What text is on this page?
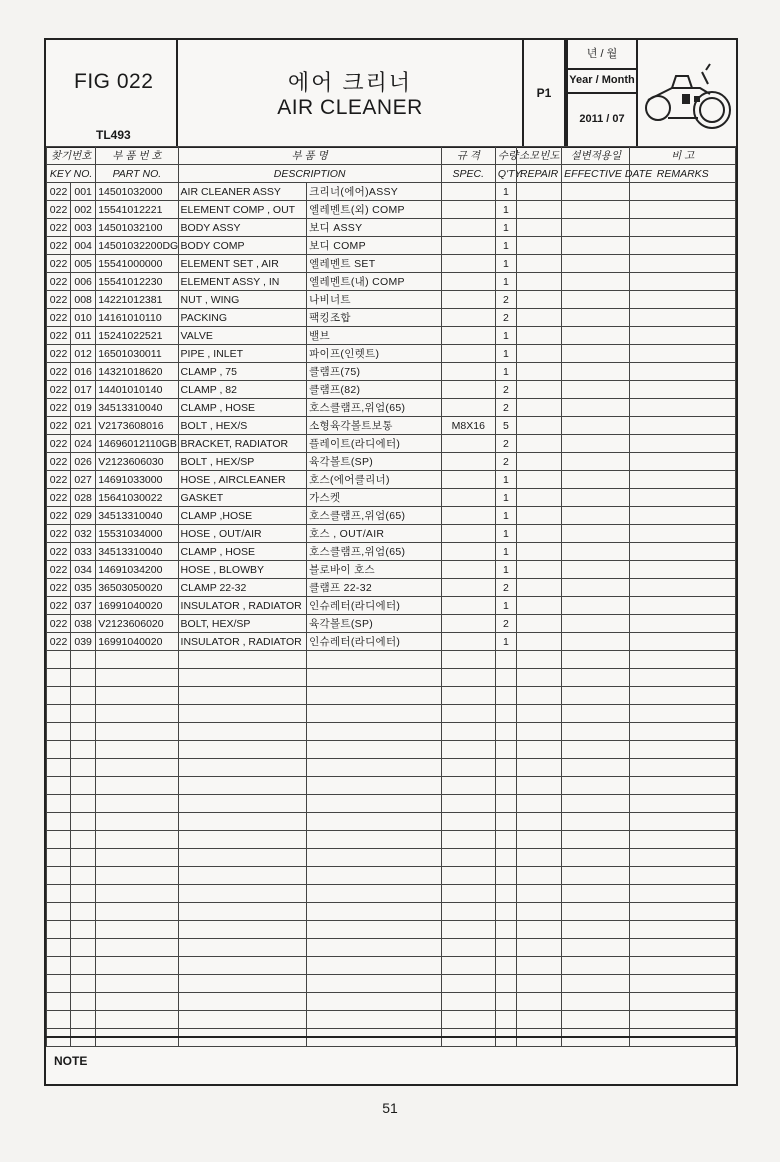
FIG 022
TL493
에어 크리너
AIR CLEANER
P1
년 / 월
Year / Month
2011 / 07
찾기번호		부 품 번 호	부 품 명		규 격	수량	소모빈도	설변적용일	비 고
KEY NO.		PART NO.	DESCRIPTION		SPEC.	Q'TY.	REPAIR	EFFECTIVE DATE	REMARKS
022	001	14501032000	AIR CLEANER ASSY	크리너(에어)ASSY		1			
022	002	15541012221	ELEMENT COMP , OUT	엘레멘트(외) COMP		1			
022	003	14501032100	BODY ASSY	보디 ASSY		1			
022	004	14501032200DG	BODY COMP	보디 COMP		1			
022	005	15541000000	ELEMENT SET , AIR	엘레멘트 SET		1			
022	006	15541012230	ELEMENT ASSY , IN	엘레멘트(내) COMP		1			
022	008	14221012381	NUT , WING	나비너트		2			
022	010	14161010110	PACKING	팩킹조합		2			
022	011	15241022521	VALVE	밸브		1			
022	012	16501030011	PIPE , INLET	파이프(인렛트)		1			
022	016	14321018620	CLAMP , 75	클램프(75)		1			
022	017	14401010140	CLAMP , 82	클램프(82)		2			
022	019	34513310040	CLAMP , HOSE	호스클램프,위엄(65)		2			
022	021	V2173608016	BOLT , HEX/S	소형육각볼트보통	M8X16	5			
022	024	14696012110GB	BRACKET, RADIATOR	플레이트(라디에터)		2			
022	026	V2123606030	BOLT , HEX/SP	육각볼트(SP)		2			
022	027	14691033000	HOSE , AIRCLEANER	호스(에어클리너)		1			
022	028	15641030022	GASKET	가스켓		1			
022	029	34513310040	CLAMP ,HOSE	호스클램프,위엄(65)		1			
022	032	15531034000	HOSE , OUT/AIR	호스 , OUT/AIR		1			
022	033	34513310040	CLAMP , HOSE	호스클램프,위엄(65)		1			
022	034	14691034200	HOSE , BLOWBY	블로바이 호스		1			
022	035	36503050020	CLAMP 22-32	클램프 22-32		2			
022	037	16991040020	INSULATOR , RADIATOR	인슈레터(라디에터)		1			
022	038	V2123606020	BOLT, HEX/SP	육각볼트(SP)		2			
022	039	16991040020	INSULATOR , RADIATOR	인슈레터(라디에터)		1			

NOTE
51
